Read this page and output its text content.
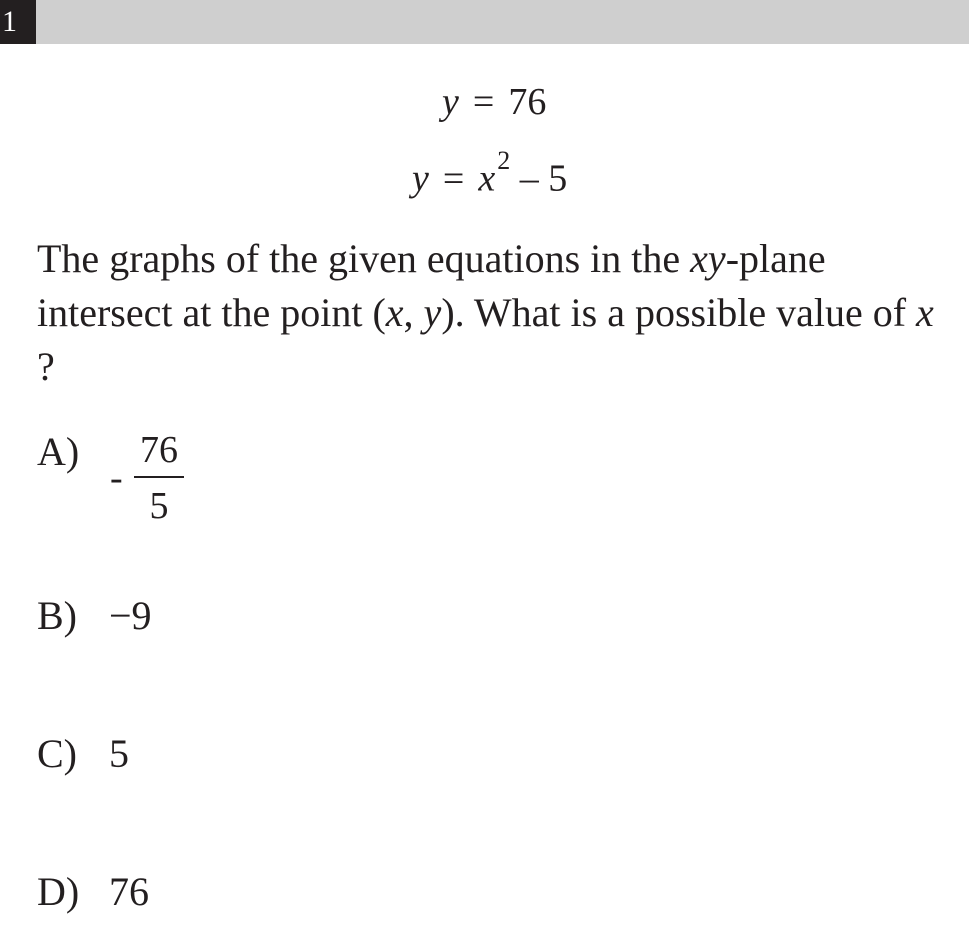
1
y = 76
$y = x^2 - 5$
The graphs of the given equations in the xy-plane intersect at the point (x, y). What is a possible value of x ?
A)
-
76
5
B) −9
C) 5
D) 76
